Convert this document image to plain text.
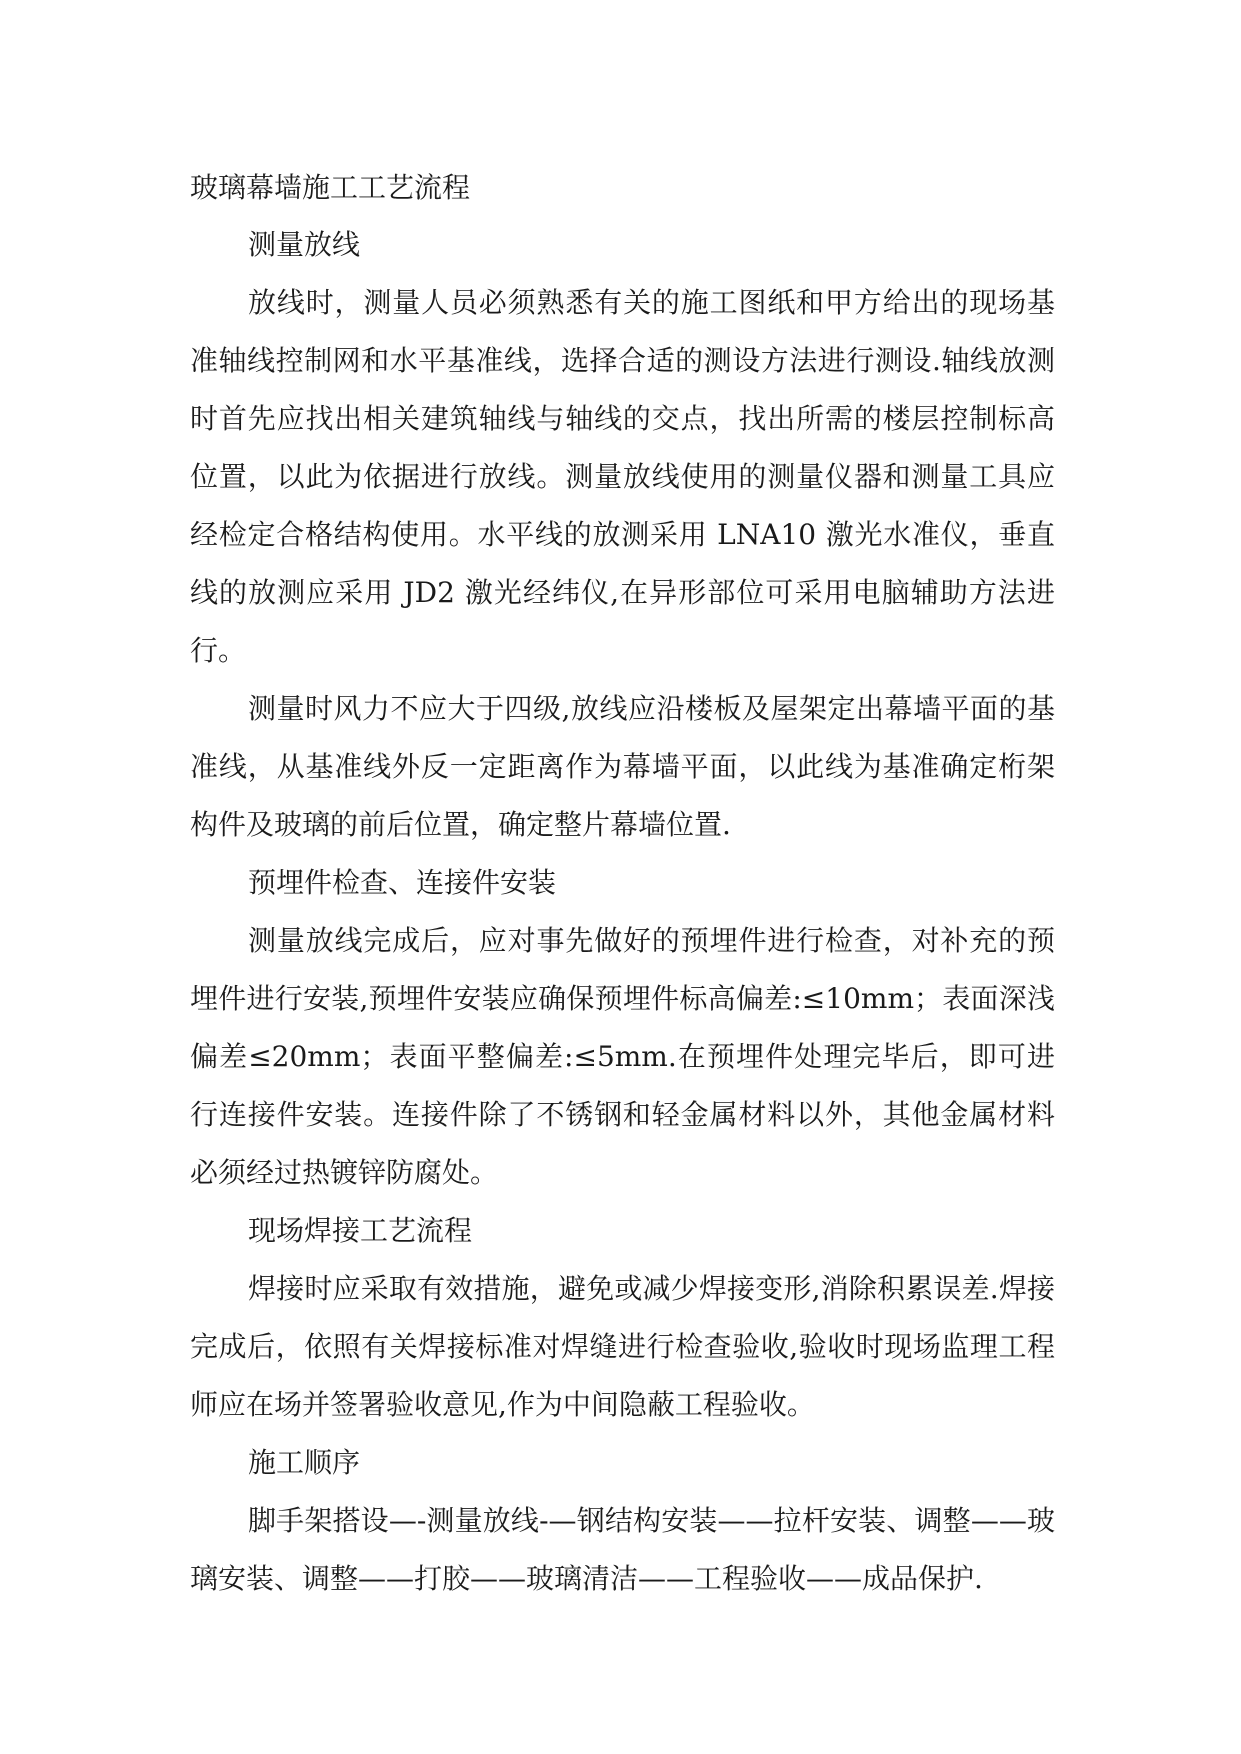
玻璃幕墙施工工艺流程

测量放线

放线时，测量人员必须熟悉有关的施工图纸和甲方给出的现场基准轴线控制网和水平基准线，选择合适的测设方法进行测设.轴线放测时首先应找出相关建筑轴线与轴线的交点，找出所需的楼层控制标高位置，以此为依据进行放线。测量放线使用的测量仪器和测量工具应经检定合格结构使用。水平线的放测采用 LNA10 激光水准仪，垂直线的放测应采用 JD2 激光经纬仪,在异形部位可采用电脑辅助方法进行。

测量时风力不应大于四级,放线应沿楼板及屋架定出幕墙平面的基准线，从基准线外反一定距离作为幕墙平面，以此线为基准确定桁架构件及玻璃的前后位置，确定整片幕墙位置.

预埋件检查、连接件安装

测量放线完成后，应对事先做好的预埋件进行检查，对补充的预埋件进行安装,预埋件安装应确保预埋件标高偏差:≤10mm；表面深浅偏差≤20mm；表面平整偏差:≤5mm.在预埋件处理完毕后，即可进行连接件安装。连接件除了不锈钢和轻金属材料以外，其他金属材料必须经过热镀锌防腐处。

现场焊接工艺流程

焊接时应采取有效措施，避免或减少焊接变形,消除积累误差.焊接完成后，依照有关焊接标准对焊缝进行检查验收,验收时现场监理工程师应在场并签署验收意见,作为中间隐蔽工程验收。

施工顺序

脚手架搭设—-测量放线-—钢结构安装——拉杆安装、调整——玻璃安装、调整——打胶——玻璃清洁——工程验收——成品保护.
